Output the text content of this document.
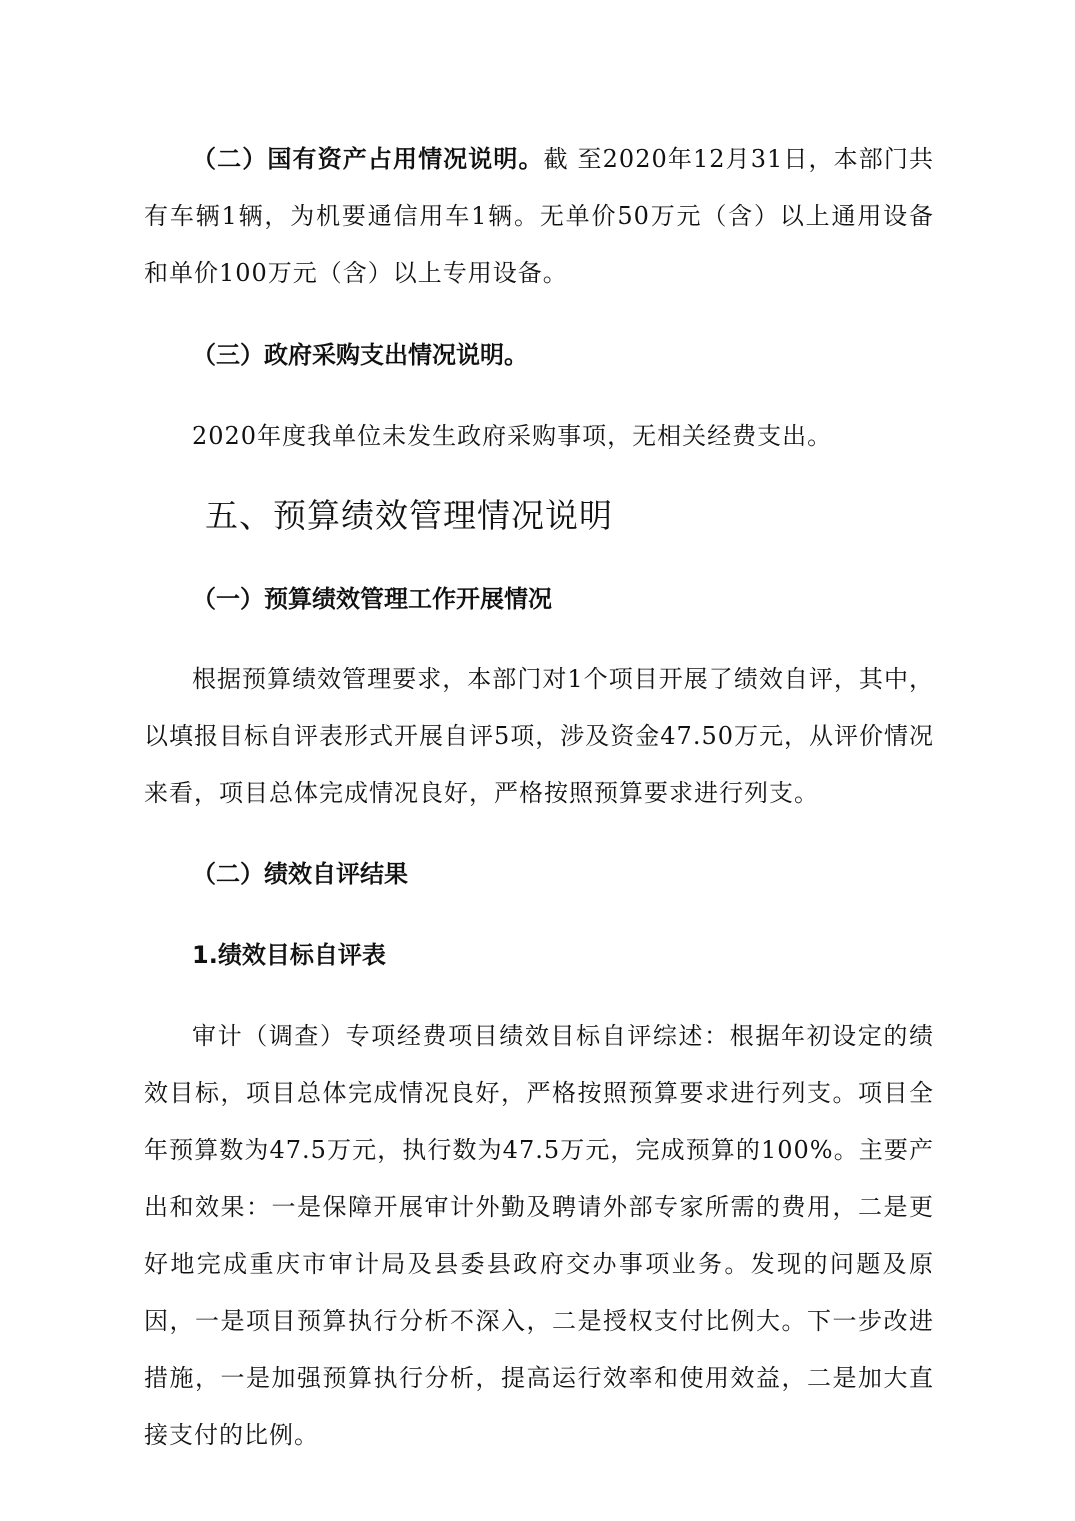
（二）国有资产占用情况说明。截 至2020年12月31日，本部门共有车辆1辆，为机要通信用车1辆。无单价50万元（含）以上通用设备和单价100万元（含）以上专用设备。

（三）政府采购支出情况说明。

2020年度我单位未发生政府采购事项，无相关经费支出。

五、预算绩效管理情况说明
（一）预算绩效管理工作开展情况

根据预算绩效管理要求，本部门对1个项目开展了绩效自评，其中，以填报目标自评表形式开展自评5项，涉及资金47.50万元，从评价情况来看，项目总体完成情况良好，严格按照预算要求进行列支。

（二）绩效自评结果
1.绩效目标自评表

审计（调查）专项经费项目绩效目标自评综述：根据年初设定的绩效目标，项目总体完成情况良好，严格按照预算要求进行列支。项目全年预算数为47.5万元，执行数为47.5万元，完成预算的100%。主要产出和效果：一是保障开展审计外勤及聘请外部专家所需的费用，二是更好地完成重庆市审计局及县委县政府交办事项业务。发现的问题及原因，一是项目预算执行分析不深入，二是授权支付比例大。下一步改进措施，一是加强预算执行分析，提高运行效率和使用效益，二是加大直接支付的比例。
